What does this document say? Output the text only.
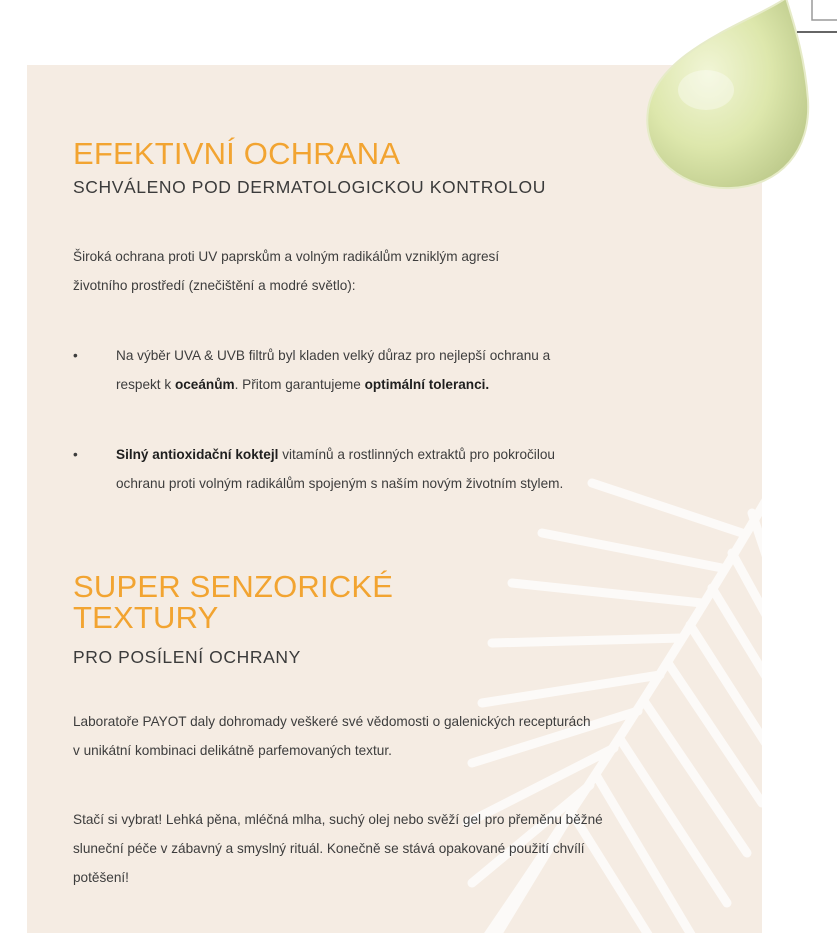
EFEKTIVNÍ OCHRANA
SCHVÁLENO POD DERMATOLOGICKOU KONTROLOU

Široká ochrana proti UV paprskům a volným radikálům vzniklým agresí
životního prostředí (znečištění a modré světlo):

•	Na výběr UVA & UVB filtrů byl kladen velký důraz pro nejlepší ochranu a
respekt k oceánům. Přitom garantujeme optimální toleranci.
•	Silný antioxidační koktejl vitamínů a rostlinných extraktů pro pokročilou
ochranu proti volným radikálům spojeným s naším novým životním stylem.
SUPER SENZORICKÉ
TEXTURY
PRO POSÍLENÍ OCHRANY

Laboratoře PAYOT daly dohromady veškeré své vědomosti o galenických recepturách
v unikátní kombinaci delikátně parfemovaných textur.

Stačí si vybrat! Lehká pěna, mléčná mlha, suchý olej nebo svěží gel pro přeměnu běžné
sluneční péče v zábavný a smyslný rituál. Konečně se stává opakované použití chvílí
potěšení!
